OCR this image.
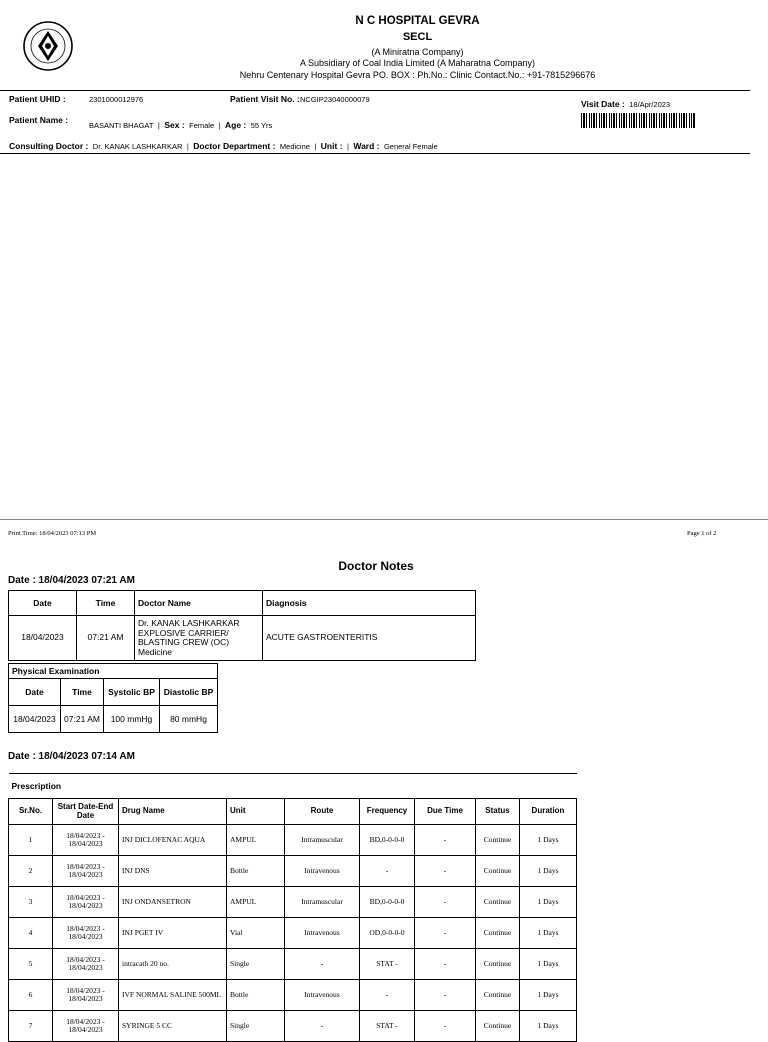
N C HOSPITAL GEVRA
SECL
(A Miniratna Company)
A Subsidiary of Coal India Limited (A Maharatna Company)
Nehru Centenary Hospital Gevra PO. BOX : Ph.No.: Clinic Contact.No.: +91-7815296676
Patient UHID :	2301000012976	Patient Visit No. : NCGIP23040000079	Visit Date : 18/Apr/2023
Patient Name :
BASANTI BHAGAT | Sex : Female | Age : 55 Yrs
Consulting Doctor : Dr. KANAK LASHKARKAR | Doctor Department : Medicine | Unit : | Ward : General Female
Print Time: 18/04/2023 07:13 PM	Page 1 of 2
Doctor Notes
Date : 18/04/2023 07:21 AM
Date	Time	Doctor Name	Diagnosis
18/04/2023	07:21 AM	Dr. KANAK LASHKARKAR EXPLOSIVE CARRIER/ BLASTING CREW (OC) Medicine	ACUTE GASTROENTERITIS
Physical Examination			
Date	Time	Systolic BP	Diastolic BP
18/04/2023	07:21 AM	100 mmHg	80 mmHg
Date : 18/04/2023 07:14 AM
Prescription								
Sr.No.	Start Date-End Date	Drug Name	Unit	Route	Frequency	Due Time	Status	Duration
1	18/04/2023 - 18/04/2023	INJ DICLOFENAC AQUA	AMPUL	Intramuscular	BD,0-0-0-0	-	Continue	1 Days
2	18/04/2023 - 18/04/2023	INJ DNS	Bottle	Intravenous	-	-	Continue	1 Days
3	18/04/2023 - 18/04/2023	INJ ONDANSETRON	AMPUL	Intramuscular	BD,0-0-0-0	-	Continue	1 Days
4	18/04/2023 - 18/04/2023	INJ PGET IV	Vial	Intravenous	OD,0-0-0-0	-	Continue	1 Days
5	18/04/2023 - 18/04/2023	intracath 20 no.	Single	-	STAT -	-	Continue	1 Days
6	18/04/2023 - 18/04/2023	IVF NORMAL SALINE 500ML	Bottle	Intravenous	-	-	Continue	1 Days
7	18/04/2023 - 18/04/2023	SYRINGE 5 CC	Single	-	STAT -	-	Continue	1 Days
